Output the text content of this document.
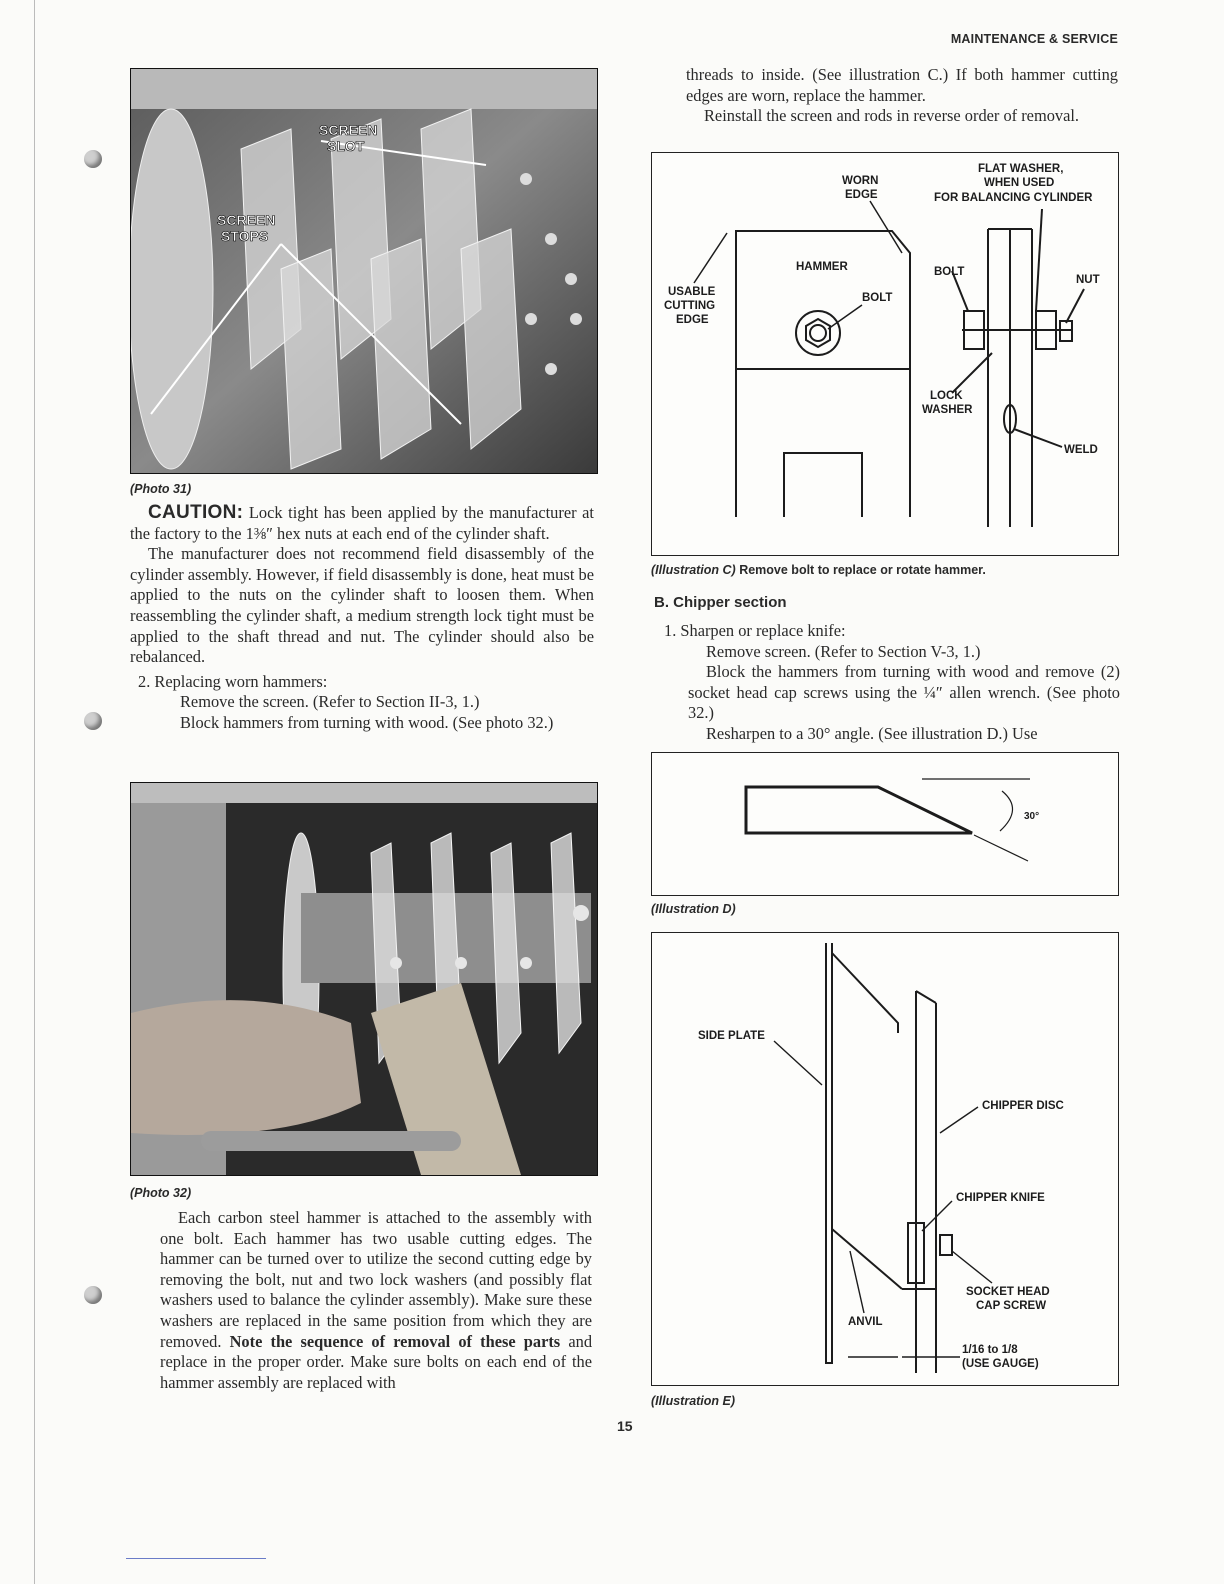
MAINTENANCE & SERVICE
SCREEN
SLOT
SCREEN
STOPS
(Photo 31)

CAUTION: Lock tight has been applied by the manufacturer at the factory to the 1⅜″ hex nuts at each end of the cylinder shaft.

The manufacturer does not recommend field disassembly of the cylinder assembly. However, if field disassembly is done, heat must be applied to the nuts on the cylinder shaft to loosen them. When reassembling the cylinder shaft, a medium strength lock tight must be applied to the shaft thread and nut. The cylinder should also be rebalanced.

2. Replacing worn hammers:

Remove the screen. (Refer to Section II-3, 1.)

Block hammers from turning with wood. (See photo 32.)

(Photo 32)
Each carbon steel hammer is attached to the assembly with one bolt. Each hammer has two usable cutting edges. The hammer can be turned over to utilize the second cutting edge by removing the bolt, nut and two lock washers (and possibly flat washers used to balance the cylinder assembly). Make sure these washers are replaced in the same position from which they are removed. Note the sequence of removal of these parts and replace in the proper order. Make sure bolts on each end of the hammer assembly are replaced with

threads to inside. (See illustration C.) If both hammer cutting edges are worn, replace the hammer.

Reinstall the screen and rods in reverse order of removal.

WORN
EDGE
FLAT WASHER,
WHEN USED
FOR BALANCING CYLINDER
HAMMER
BOLT
BOLT
NUT
USABLE
CUTTING
EDGE
LOCK
WASHER
WELD
(Illustration C) Remove bolt to replace or rotate hammer.
B. Chipper section

1. Sharpen or replace knife:

Remove screen. (Refer to Section V-3, 1.)

Block the hammers from turning with wood and remove (2) socket head cap screws using the ¼″ allen wrench. (See photo 32.)

Resharpen to a 30° angle. (See illustration D.) Use

30°
(Illustration D)
SIDE PLATE
CHIPPER DISC
CHIPPER KNIFE
SOCKET HEAD
CAP SCREW
ANVIL
1/16 to 1/8
(USE GAUGE)
(Illustration E)
15
